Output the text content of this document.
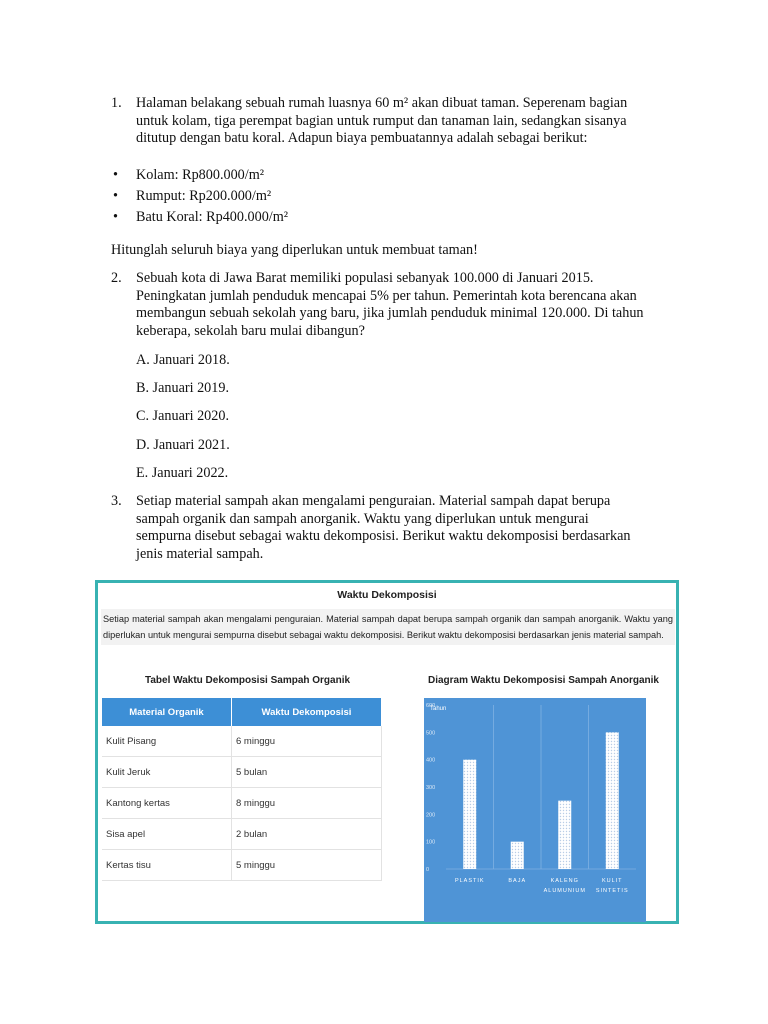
1. Halaman belakang sebuah rumah luasnya 60 m² akan dibuat taman. Seperenam bagian
untuk kolam, tiga perempat bagian untuk rumput dan tanaman lain, sedangkan sisanya
ditutup dengan batu koral. Adapun biaya pembuatannya adalah sebagai berikut:
• Kolam: Rp800.000/m²
• Rumput: Rp200.000/m²
• Batu Koral: Rp400.000/m²
Hitunglah seluruh biaya yang diperlukan untuk membuat taman!
2. Sebuah kota di Jawa Barat memiliki populasi sebanyak 100.000 di Januari 2015.
Peningkatan jumlah penduduk mencapai 5% per tahun. Pemerintah kota berencana akan
membangun sebuah sekolah yang baru, jika jumlah penduduk minimal 120.000. Di tahun
keberapa, sekolah baru mulai dibangun?
A. Januari 2018.
B. Januari 2019.
C. Januari 2020.
D. Januari 2021.
E. Januari 2022.
3. Setiap material sampah akan mengalami penguraian. Material sampah dapat berupa
sampah organik dan sampah anorganik. Waktu yang diperlukan untuk mengurai
sempurna disebut sebagai waktu dekomposisi. Berikut waktu dekomposisi berdasarkan
jenis material sampah.
Waktu Dekomposisi
Setiap material sampah akan mengalami penguraian. Material sampah dapat berupa sampah organik dan sampah anorganik. Waktu yang diperlukan untuk mengurai sempurna disebut sebagai waktu dekomposisi. Berikut waktu dekomposisi berdasarkan jenis material sampah.
Tabel Waktu Dekomposisi Sampah Organik
Material Organik	Waktu Dekomposisi
Kulit Pisang	6 minggu
Kulit Jeruk	5 bulan
Kantong kertas	8 minggu
Sisa apel	2 bulan
Kertas tisu	5 minggu
Diagram Waktu Dekomposisi Sampah Anorganik
Tahun
0
100
200
300
400
500
600
PLASTIK	BAJA	KALENG
ALUMUNIUM
KULIT
SINTETIS
